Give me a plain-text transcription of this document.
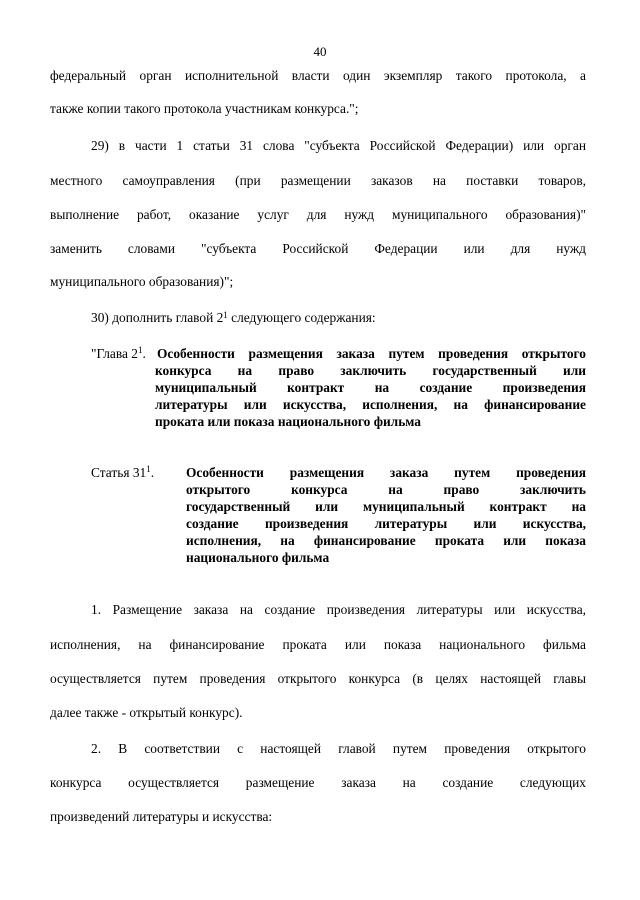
40
федеральный орган исполнительной власти один экземпляр такого протокола, а
также копии такого протокола участникам конкурса.";
29) в части 1 статьи 31 слова "субъекта Российской Федерации) или орган
местного самоуправления (при размещении заказов на поставки товаров,
выполнение работ, оказание услуг для нужд муниципального образования)"
заменить словами "субъекта Российской Федерации или для нужд
муниципального образования)";
30) дополнить главой $2^1$ следующего содержания:
"Глава $2^1$. Особенности размещения заказа путем проведения открытого
конкурса на право заключить государственный или
муниципальный контракт на создание произведения
литературы или искусства, исполнения, на финансирование
проката или показа национального фильма
Статья $31^1$. Особенности размещения заказа путем проведения
открытого конкурса на право заключить
государственный или муниципальный контракт на
создание произведения литературы или искусства,
исполнения, на финансирование проката или показа
национального фильма
1. Размещение заказа на создание произведения литературы или искусства,
исполнения, на финансирование проката или показа национального фильма
осуществляется путем проведения открытого конкурса (в целях настоящей главы
далее также - открытый конкурс).
2. В соответствии с настоящей главой путем проведения открытого
конкурса осуществляется размещение заказа на создание следующих
произведений литературы и искусства:
